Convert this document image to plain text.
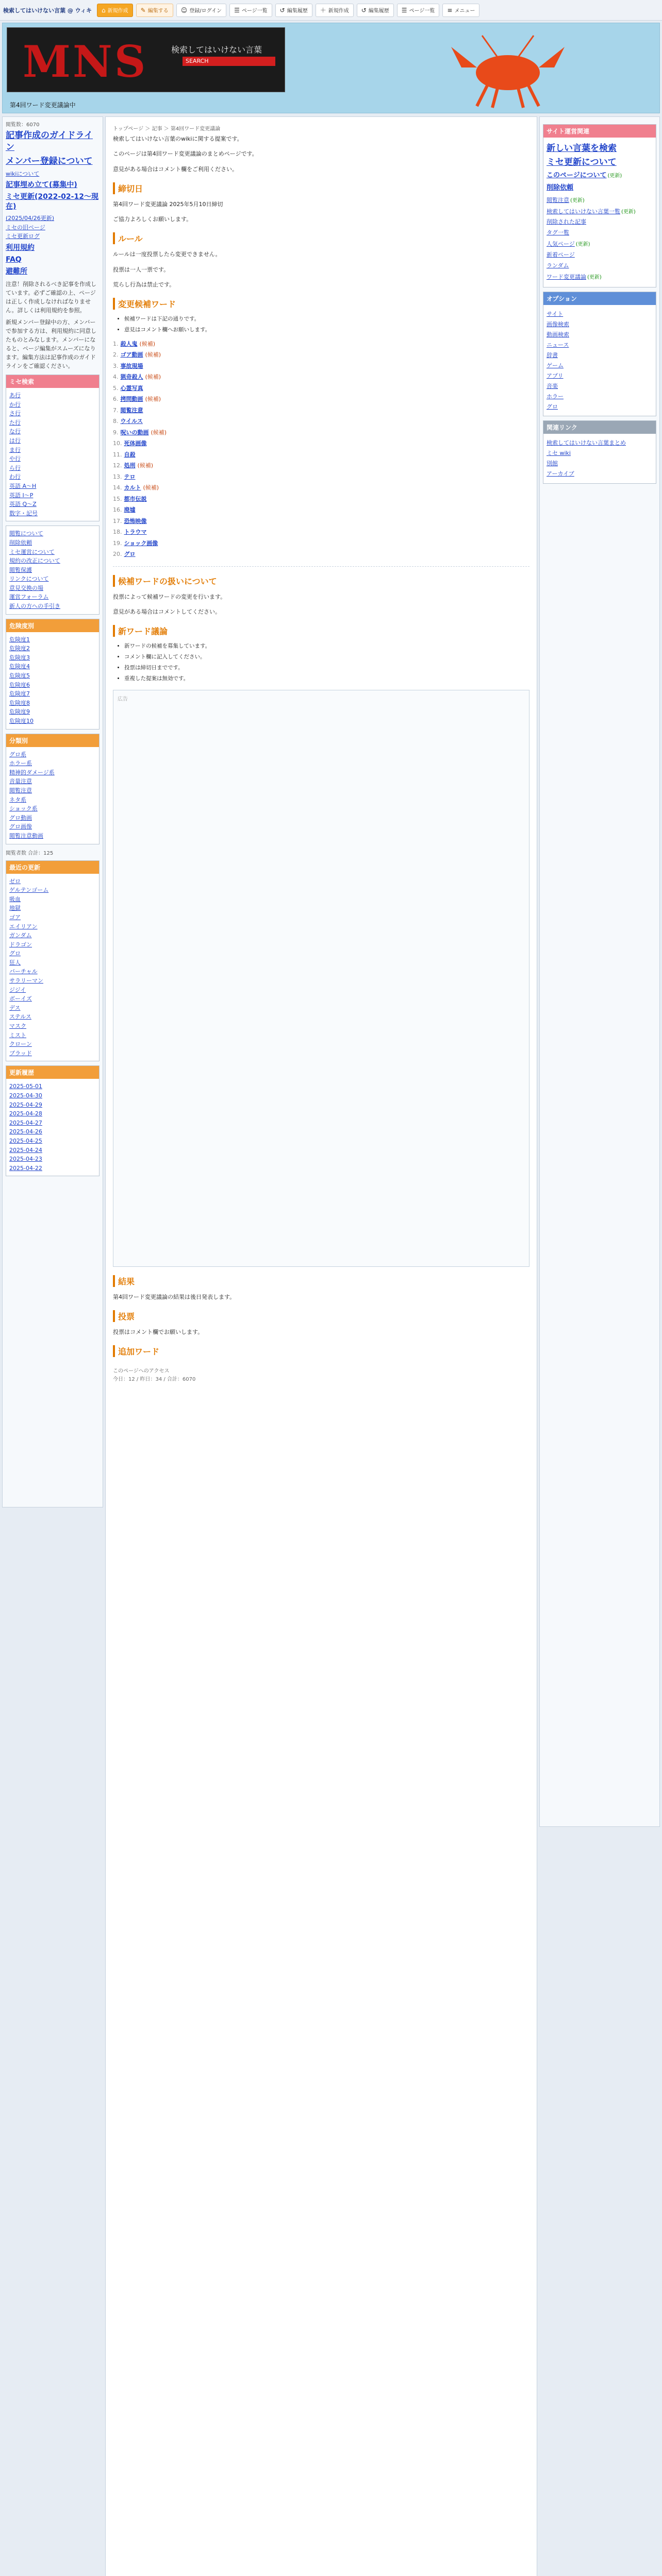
検索してはいけない言葉 @ ウィキ ⌂ 新規作成 ✎ 編集する ☺ 登録/ログイン ☰ ページ一覧 ↺ 編集履歴 ＋ 新規作成 ↺ 編集履歴 ☰ ページ一覧 ≡ メニュー
MNS	検索してはいけない言葉
SEARCH
第4回ワード変更議論中
閲覧数：6070
記事作成のガイドライン
メンバー登録について
wikiについて
記事埋め立て(募集中)
ミセ更新(2022-02-12〜現在)
(2025/04/26更新)
ミセの旧ページ
ミセ更新ログ
利用規約
FAQ
避難所
注意！削除されるべき記事を作成しています。必ずご確認の上、ページは正しく作成しなければなりません。詳しくは利用規約を参照。
新規メンバー登録中の方、メンバーで参加する方は、利用規約に同意したものとみなします。メンバーになると、ページ編集がスムーズになります。編集方法は記事作成のガイドラインをご確認ください。
ミセ検索
あ行
か行
さ行
た行
な行
は行
ま行
や行
ら行
わ行
英語 A〜H
英語 I〜P
英語 Q〜Z
数字・記号
閲覧について
削除依頼
ミセ運営について
規約の改正について
閲覧保護
リンクについて
意見交換の場
運営フォーラム
新人の方への手引き
危険度別
危険度1
危険度2
危険度3
危険度4
危険度5
危険度6
危険度7
危険度8
危険度9
危険度10
分類別
グロ系
ホラー系
精神的ダメージ系
音量注意
閲覧注意
ネタ系
ショック系
グロ動画
グロ画像
閲覧注意動画
閲覧者数 合計：125
最近の更新
ゼロ
ゲルテンゴーム
吸血
地獄
ゴア
エイリアン
ガンダム
ドラゴン
グロ
狂人
バーチャル
サラリーマン
ジジイ
ボーイズ
デス
ステルス
マスク
ミスト
クローン
ブラッド
更新履歴
2025-05-01
2025-04-30
2025-04-29
2025-04-28
2025-04-27
2025-04-26
2025-04-25
2025-04-24
2025-04-23
2025-04-22
トップページ ＞ 記事 ＞ 第4回ワード変更議論

検索してはいけない言葉のwikiに関する提案です。

このページは第4回ワード変更議論のまとめページです。

意見がある場合はコメント欄をご利用ください。

締切日

第4回ワード変更議論 2025年5月10日締切

ご協力よろしくお願いします。

ルール

ルールは一度投票したら変更できません。

投票は一人一票です。

荒らし行為は禁止です。

変更候補ワード
• 候補ワードは下記の通りです。
• 意見はコメント欄へお願いします。
1. 殺人鬼 (候補)
2. ゴア動画 (候補)
3. 事故現場
4. 猟奇殺人 (候補)
5. 心霊写真
6. 拷問動画 (候補)
7. 閲覧注意
8. ウイルス
9. 呪いの動画 (候補)
10. 死体画像
11. 自殺
12. 処刑 (候補)
13. テロ
14. カルト (候補)
15. 都市伝説
16. 廃墟
17. 恐怖映像
18. トラウマ
19. ショック画像
20. グロ
候補ワードの扱いについて

投票によって候補ワードの変更を行います。

意見がある場合はコメントしてください。

新ワード議論
• 新ワードの候補を募集しています。
• コメント欄に記入してください。
• 投票は締切日までです。
• 重複した提案は無効です。
広告
結果

第4回ワード変更議論の結果は後日発表します。

投票

投票はコメント欄でお願いします。

追加ワード
このページへのアクセス
今日：12 / 昨日：34 / 合計：6070
サイト運営関連
新しい言葉を検索
ミセ更新について
このページについて (更新)
削除依頼
閲覧注意 (更新)
検索してはいけない言葉一覧 (更新)
削除された記事
タグ一覧
人気ページ (更新)
新着ページ
ランダム
ワード変更議論 (更新)
オプション
サイト
画像検索
動画検索
ニュース
辞書
ゲーム
アプリ
音楽
ホラー
グロ
関連リンク
検索してはいけない言葉まとめ
ミセ wiki
別館
アーカイブ
